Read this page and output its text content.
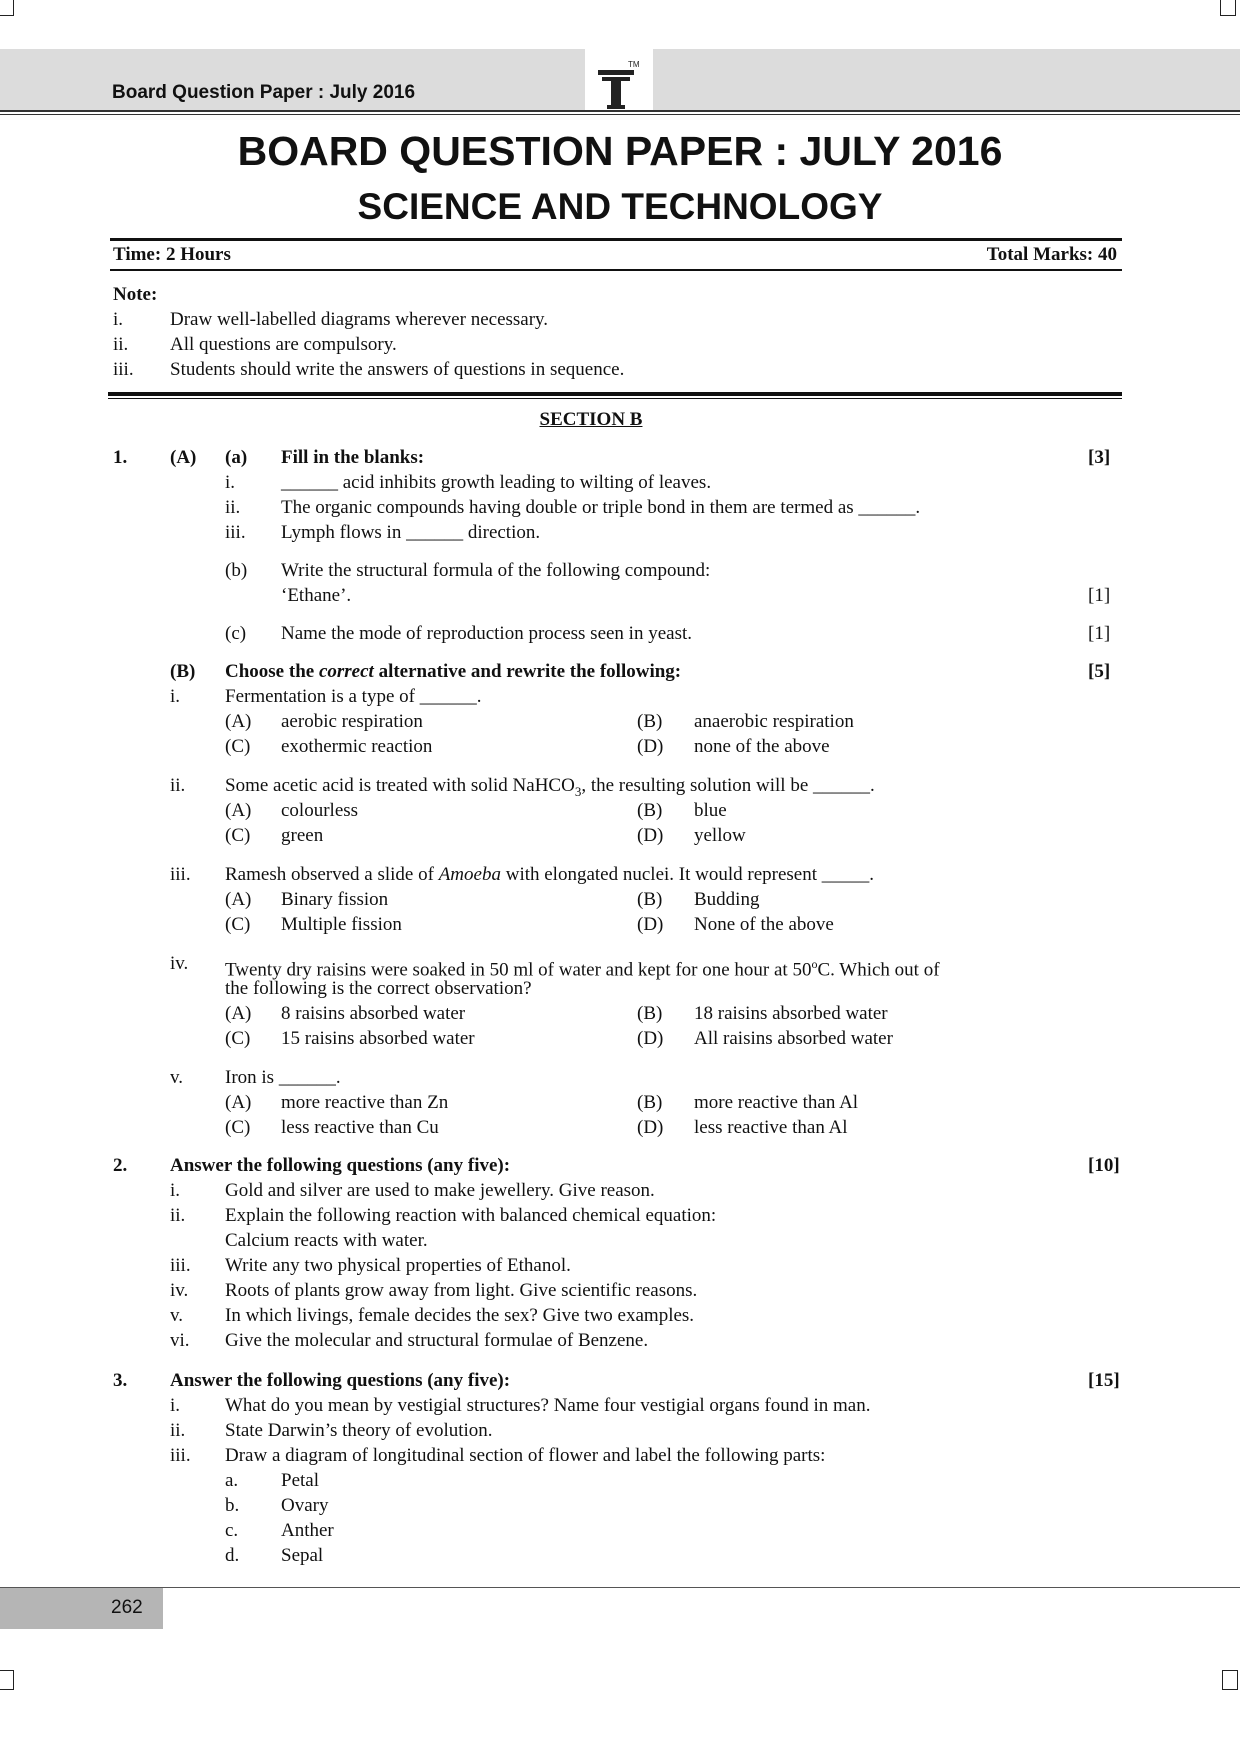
Board Question Paper : July 2016
TM
BOARD QUESTION PAPER : JULY 2016
SCIENCE AND TECHNOLOGY
Time: 2 Hours	Total Marks: 40
Note:
i. Draw well-labelled diagrams wherever necessary.
ii. All questions are compulsory.
iii. Students should write the answers of questions in sequence.
SECTION B
1. (A) (a) Fill in the blanks:	[3]
i. ______ acid inhibits growth leading to wilting of leaves.
ii. The organic compounds having double or triple bond in them are termed as ______.
iii. Lymph flows in ______ direction.
(b) Write the structural formula of the following compound:
‘Ethane’.	[1]
(c) Name the mode of reproduction process seen in yeast.	[1]
(B) Choose the correct alternative and rewrite the following:	[5]
i. Fermentation is a type of ______.
(A) aerobic respiration	(B) anaerobic respiration
(C) exothermic reaction	(D) none of the above
ii. Some acetic acid is treated with solid NaHCO$_3$, the resulting solution will be ______.
(A) colourless	(B) blue
(C) green	(D) yellow
iii. Ramesh observed a slide of Amoeba with elongated nuclei. It would represent _____.
(A) Binary fission	(B) Budding
(C) Multiple fission	(D) None of the above
iv. Twenty dry raisins were soaked in 50 ml of water and kept for one hour at 50$^o$C. Which out of
the following is the correct observation?
(A) 8 raisins absorbed water	(B) 18 raisins absorbed water
(C) 15 raisins absorbed water	(D) All raisins absorbed water
v. Iron is ______.
(A) more reactive than Zn	(B) more reactive than Al
(C) less reactive than Cu	(D) less reactive than Al
2. Answer the following questions (any five):	[10]
i. Gold and silver are used to make jewellery. Give reason.
ii. Explain the following reaction with balanced chemical equation:
Calcium reacts with water.
iii. Write any two physical properties of Ethanol.
iv. Roots of plants grow away from light. Give scientific reasons.
v. In which livings, female decides the sex? Give two examples.
vi. Give the molecular and structural formulae of Benzene.
3. Answer the following questions (any five):	[15]
i. What do you mean by vestigial structures? Name four vestigial organs found in man.
ii. State Darwin’s theory of evolution.
iii. Draw a diagram of longitudinal section of flower and label the following parts:
a. Petal
b. Ovary
c. Anther
d. Sepal
262
